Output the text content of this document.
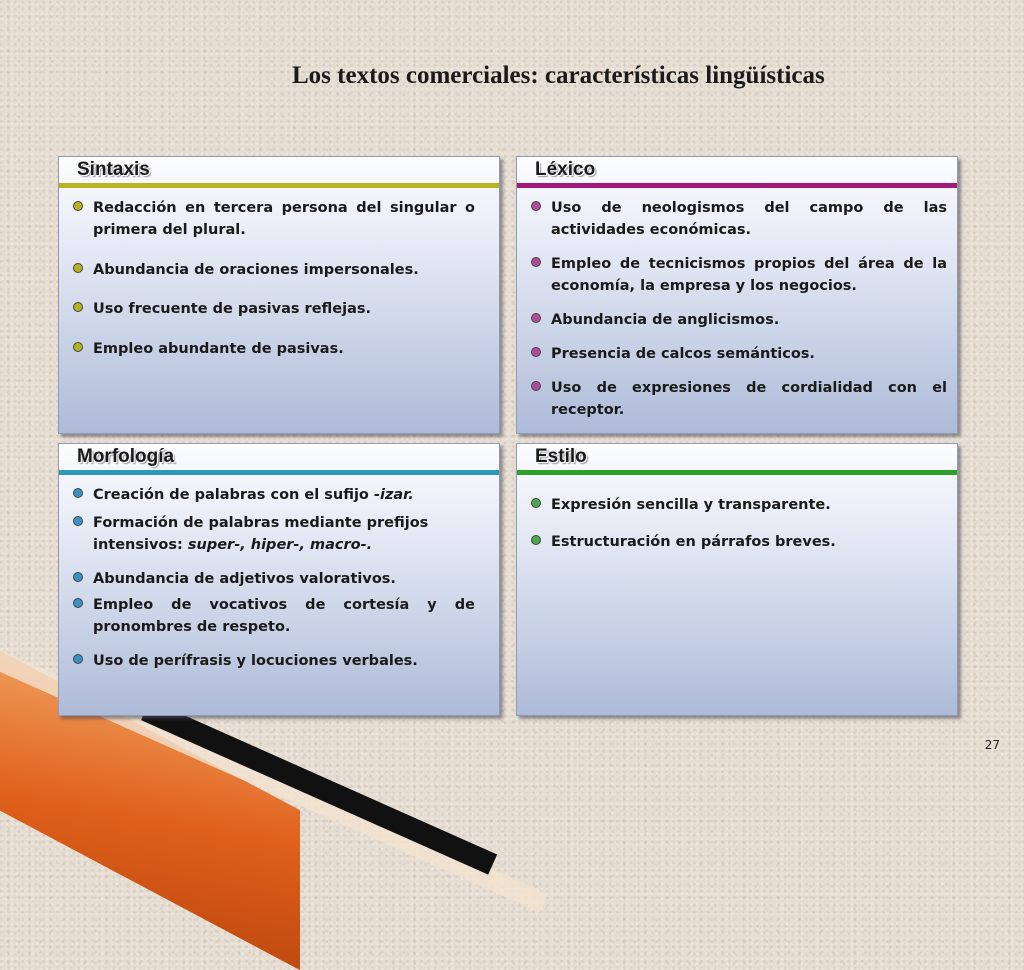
Los textos comerciales: características lingüísticas
Sintaxis
Redacción en tercera persona del singular o primera del plural.
Abundancia de oraciones impersonales.
Uso frecuente de pasivas reflejas.
Empleo abundante de pasivas.
Léxico
Uso de neologismos del campo de las actividades económicas.
Empleo de tecnicismos propios del área de la economía, la empresa y los negocios.
Abundancia de anglicismos.
Presencia de calcos semánticos.
Uso de expresiones de cordialidad con el receptor.
Morfología
Creación de palabras con el sufijo -izar.
Formación de palabras mediante prefijos intensivos: super-, hiper-, macro-.
Abundancia de adjetivos valorativos.
Empleo de vocativos de cortesía y de pronombres de respeto.
Uso de perífrasis y locuciones verbales.
Estilo
Expresión sencilla y transparente.
Estructuración en párrafos breves.
27
